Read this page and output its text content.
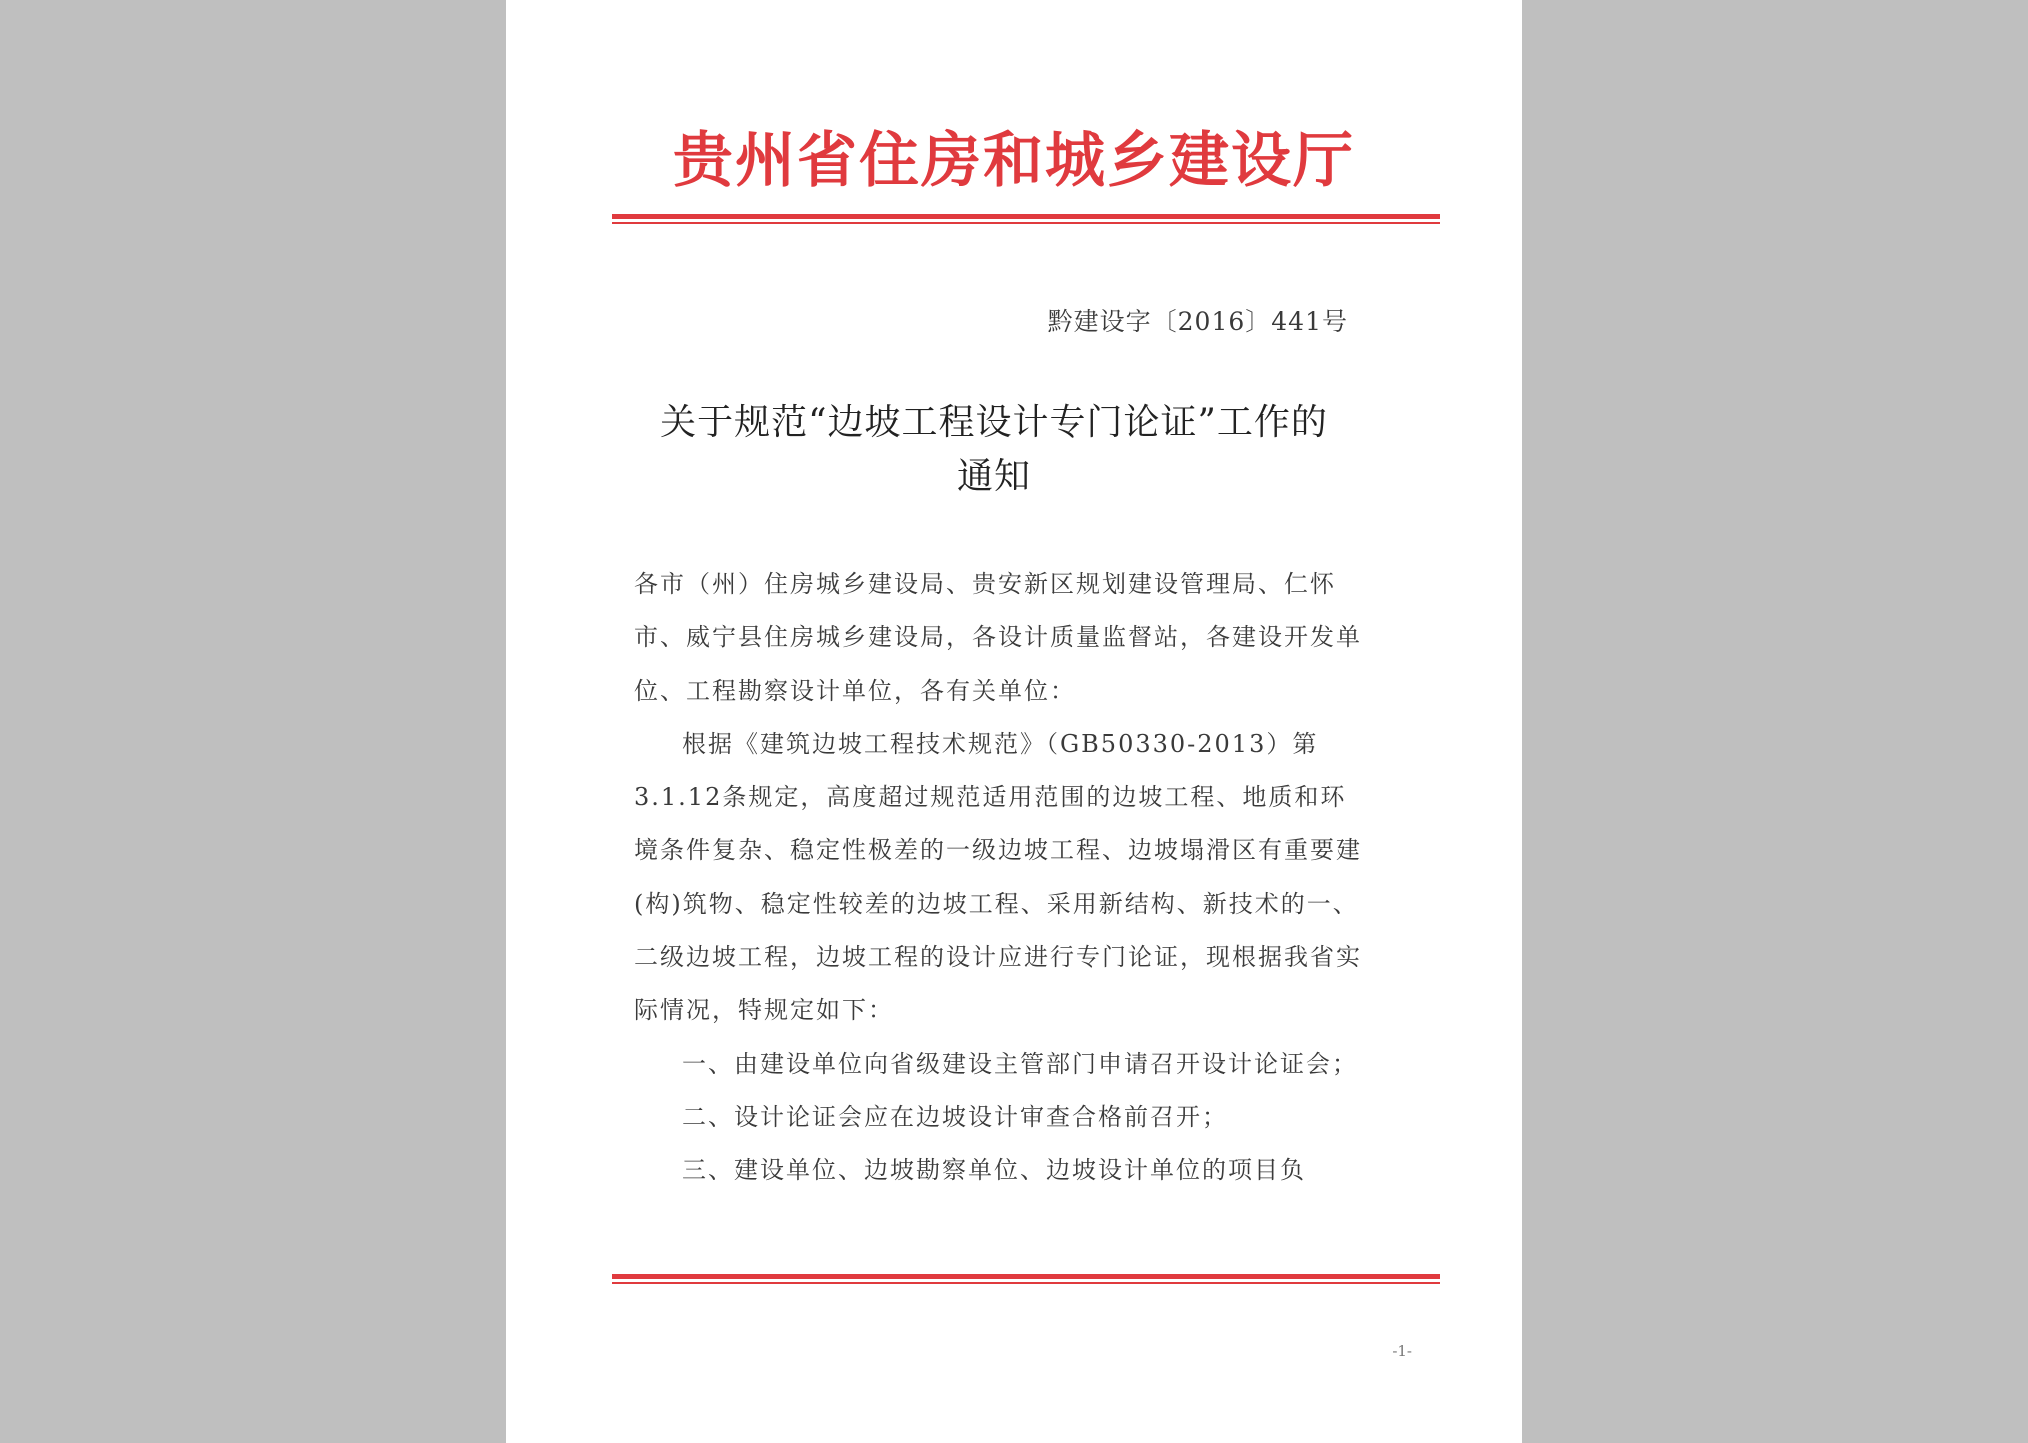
贵州省住房和城乡建设厅
黔建设字〔2016〕441号
关于规范“边坡工程设计专门论证”工作的
通知

各市（州）住房城乡建设局、贵安新区规划建设管理局、仁怀市、威宁县住房城乡建设局，各设计质量监督站，各建设开发单位、工程勘察设计单位，各有关单位：

根据《建筑边坡工程技术规范》（GB50330-2013）第3.1.12条规定，高度超过规范适用范围的边坡工程、地质和环境条件复杂、稳定性极差的一级边坡工程、边坡塌滑区有重要建(构)筑物、稳定性较差的边坡工程、采用新结构、新技术的一、二级边坡工程，边坡工程的设计应进行专门论证，现根据我省实际情况，特规定如下：

一、由建设单位向省级建设主管部门申请召开设计论证会；

二、设计论证会应在边坡设计审查合格前召开；

三、建设单位、边坡勘察单位、边坡设计单位的项目负

-1-
